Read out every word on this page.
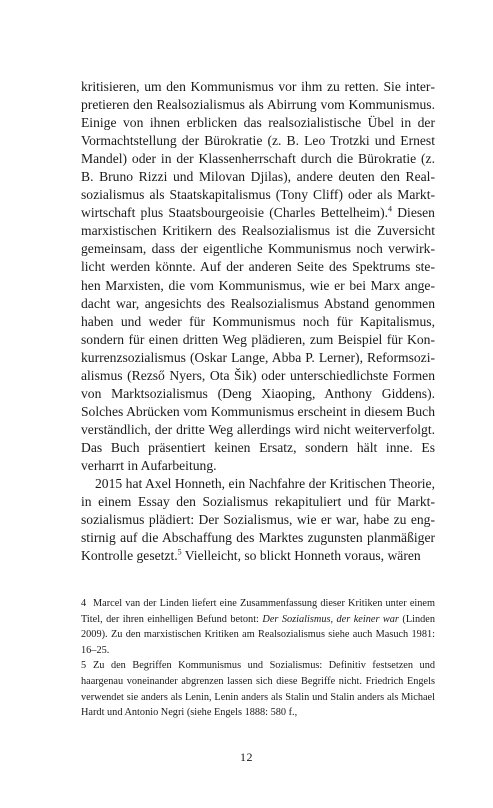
kritisieren, um den Kommunismus vor ihm zu retten. Sie interpretieren den Realsozialismus als Abirrung vom Kommunismus. Einige von ihnen erblicken das realsozialistische Übel in der Vormachtstellung der Bürokratie (z. B. Leo Trotzki und Ernest Mandel) oder in der Klassenherrschaft durch die Bürokratie (z. B. Bruno Rizzi und Milovan Djilas), andere deuten den Realsozialismus als Staatskapitalismus (Tony Cliff) oder als Marktwirtschaft plus Staatsbourgeoisie (Charles Bettelheim).$^4$ Diesen marxistischen Kritikern des Realsozialismus ist die Zuversicht gemeinsam, dass der eigentliche Kommunismus noch verwirklicht werden könnte. Auf der anderen Seite des Spektrums stehen Marxisten, die vom Kommunismus, wie er bei Marx angedacht war, angesichts des Realsozialismus Abstand genommen haben und weder für Kommunismus noch für Kapitalismus, sondern für einen dritten Weg plädieren, zum Beispiel für Konkurrenzsozialismus (Oskar Lange, Abba P. Lerner), Reformsozialismus (Rezső Nyers, Ota Šik) oder unterschiedlichste Formen von Marktsozialismus (Deng Xiaoping, Anthony Giddens). Solches Abrücken vom Kommunismus erscheint in diesem Buch verständlich, der dritte Weg allerdings wird nicht weiterverfolgt. Das Buch präsentiert keinen Ersatz, sondern hält inne. Es verharrt in Aufarbeitung.

2015 hat Axel Honneth, ein Nachfahre der Kritischen Theorie, in einem Essay den Sozialismus rekapituliert und für Marktsozialismus plädiert: Der Sozialismus, wie er war, habe zu engstirnig auf die Abschaffung des Marktes zugunsten planmäßiger Kontrolle gesetzt.$^5$ Vielleicht, so blickt Honneth voraus, wären

4 Marcel van der Linden liefert eine Zusammenfassung dieser Kritiken unter einem Titel, der ihren einhelligen Befund betont: Der Sozialismus, der keiner war (Linden 2009). Zu den marxistischen Kritiken am Realsozialismus siehe auch Masuch 1981: 16–25.

5 Zu den Begriffen Kommunismus und Sozialismus: Definitiv festsetzen und haargenau voneinander abgrenzen lassen sich diese Begriffe nicht. Friedrich Engels verwendet sie anders als Lenin, Lenin anders als Stalin und Stalin anders als Michael Hardt und Antonio Negri (siehe Engels 1888: 580 f.,

12
